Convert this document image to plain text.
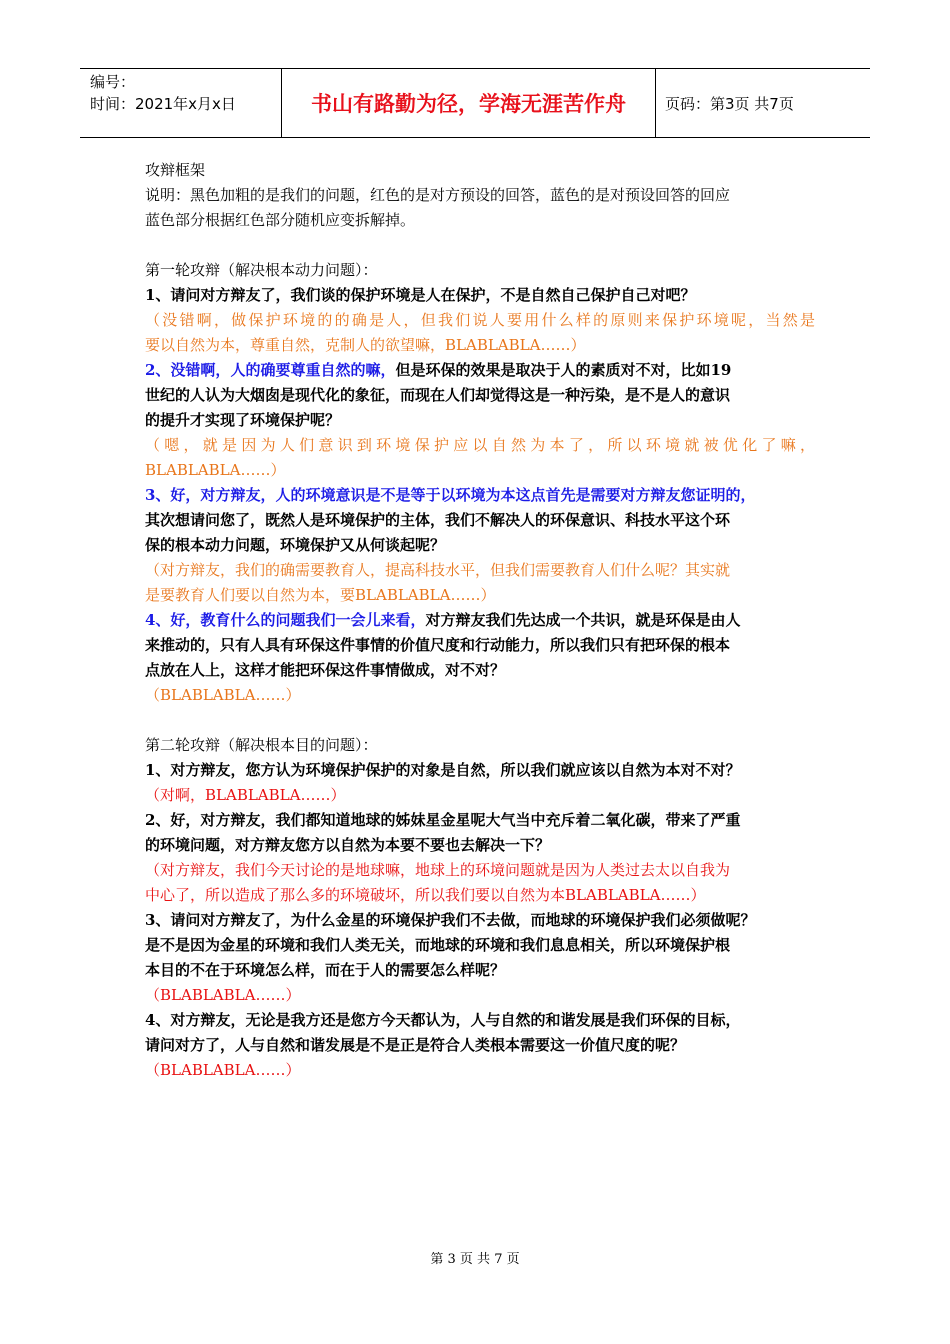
编号：
时间：2021年x月x日	书山有路勤为径，学海无涯苦作舟	页码：第3页 共7页
攻辩框架
说明：黑色加粗的是我们的问题，红色的是对方预设的回答，蓝色的是对预设回答的回应
蓝色部分根据红色部分随机应变拆解掉。
第一轮攻辩（解决根本动力问题）：
1、请问对方辩友了，我们谈的保护环境是人在保护，不是自然自己保护自己对吧？
（没错啊，做保护环境的的确是人，但我们说人要用什么样的原则来保护环境呢，当然是
要以自然为本，尊重自然，克制人的欲望嘛，BLABLABLA……）
2、没错啊，人的确要尊重自然的嘛，但是环保的效果是取决于人的素质对不对，比如19
世纪的人认为大烟囱是现代化的象征，而现在人们却觉得这是一种污染，是不是人的意识
的提升才实现了环境保护呢？
（嗯，就是因为人们意识到环境保护应以自然为本了，所以环境就被优化了嘛，
BLABLABLA……）
3、好，对方辩友，人的环境意识是不是等于以环境为本这点首先是需要对方辩友您证明的，
其次想请问您了，既然人是环境保护的主体，我们不解决人的环保意识、科技水平这个环
保的根本动力问题，环境保护又从何谈起呢？
（对方辩友，我们的确需要教育人，提高科技水平，但我们需要教育人们什么呢？其实就
是要教育人们要以自然为本，要BLABLABLA……）
4、好，教育什么的问题我们一会儿来看，对方辩友我们先达成一个共识，就是环保是由人
来推动的，只有人具有环保这件事情的价值尺度和行动能力，所以我们只有把环保的根本
点放在人上，这样才能把环保这件事情做成，对不对？
（BLABLABLA……）
第二轮攻辩（解决根本目的问题）：
1、对方辩友，您方认为环境保护保护的对象是自然，所以我们就应该以自然为本对不对？
（对啊，BLABLABLA……）
2、好，对方辩友，我们都知道地球的姊妹星金星呢大气当中充斥着二氧化碳，带来了严重
的环境问题，对方辩友您方以自然为本要不要也去解决一下？
（对方辩友，我们今天讨论的是地球嘛，地球上的环境问题就是因为人类过去太以自我为
中心了，所以造成了那么多的环境破坏，所以我们要以自然为本BLABLABLA……）
3、请问对方辩友了，为什么金星的环境保护我们不去做，而地球的环境保护我们必须做呢？
是不是因为金星的环境和我们人类无关，而地球的环境和我们息息相关，所以环境保护根
本目的不在于环境怎么样，而在于人的需要怎么样呢？
（BLABLABLA……）
4、对方辩友，无论是我方还是您方今天都认为，人与自然的和谐发展是我们环保的目标，
请问对方了，人与自然和谐发展是不是正是符合人类根本需要这一价值尺度的呢？
（BLABLABLA……）
第 3 页 共 7 页
